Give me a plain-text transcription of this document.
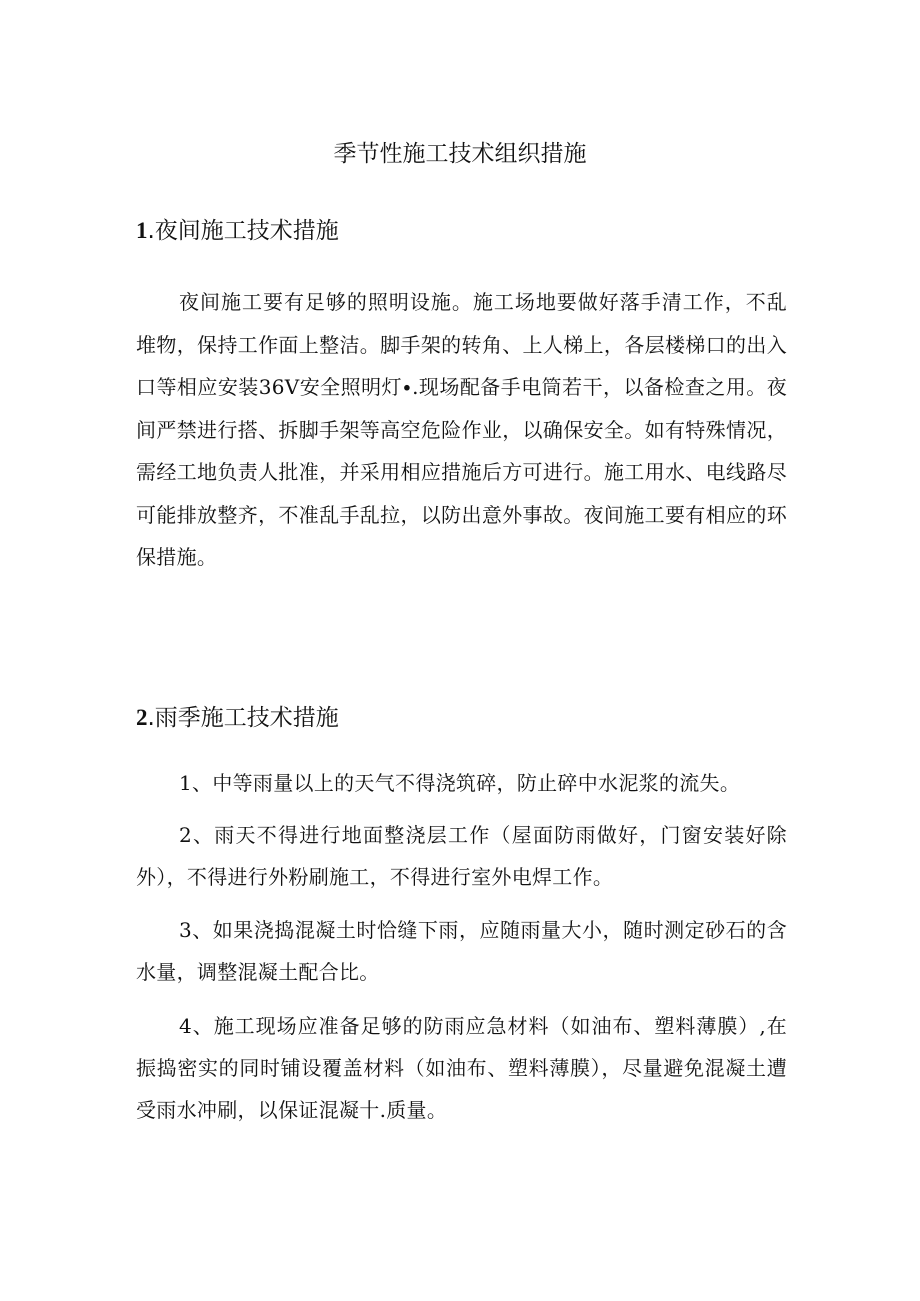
季节性施工技术组织措施
1.夜间施工技术措施

夜间施工要有足够的照明设施。施工场地要做好落手清工作，不乱堆物，保持工作面上整洁。脚手架的转角、上人梯上，各层楼梯口的出入口等相应安装36V安全照明灯∙.现场配备手电筒若干，以备检查之用。夜间严禁进行搭、拆脚手架等高空危险作业，以确保安全。如有特殊情况，需经工地负责人批准，并采用相应措施后方可进行。施工用水、电线路尽可能排放整齐，不准乱手乱拉，以防出意外事故。夜间施工要有相应的环保措施。

2.雨季施工技术措施

1、中等雨量以上的天气不得浇筑碎，防止碎中水泥浆的流失。

2、雨天不得进行地面整浇层工作（屋面防雨做好，门窗安装好除外），不得进行外粉刷施工，不得进行室外电焊工作。

3、如果浇捣混凝土时恰缝下雨，应随雨量大小，随时测定砂石的含水量，调整混凝土配合比。

4、施工现场应准备足够的防雨应急材料（如油布、塑料薄膜）,在振捣密实的同时铺设覆盖材料（如油布、塑料薄膜），尽量避免混凝土遭受雨水冲刷，以保证混凝十.质量。
